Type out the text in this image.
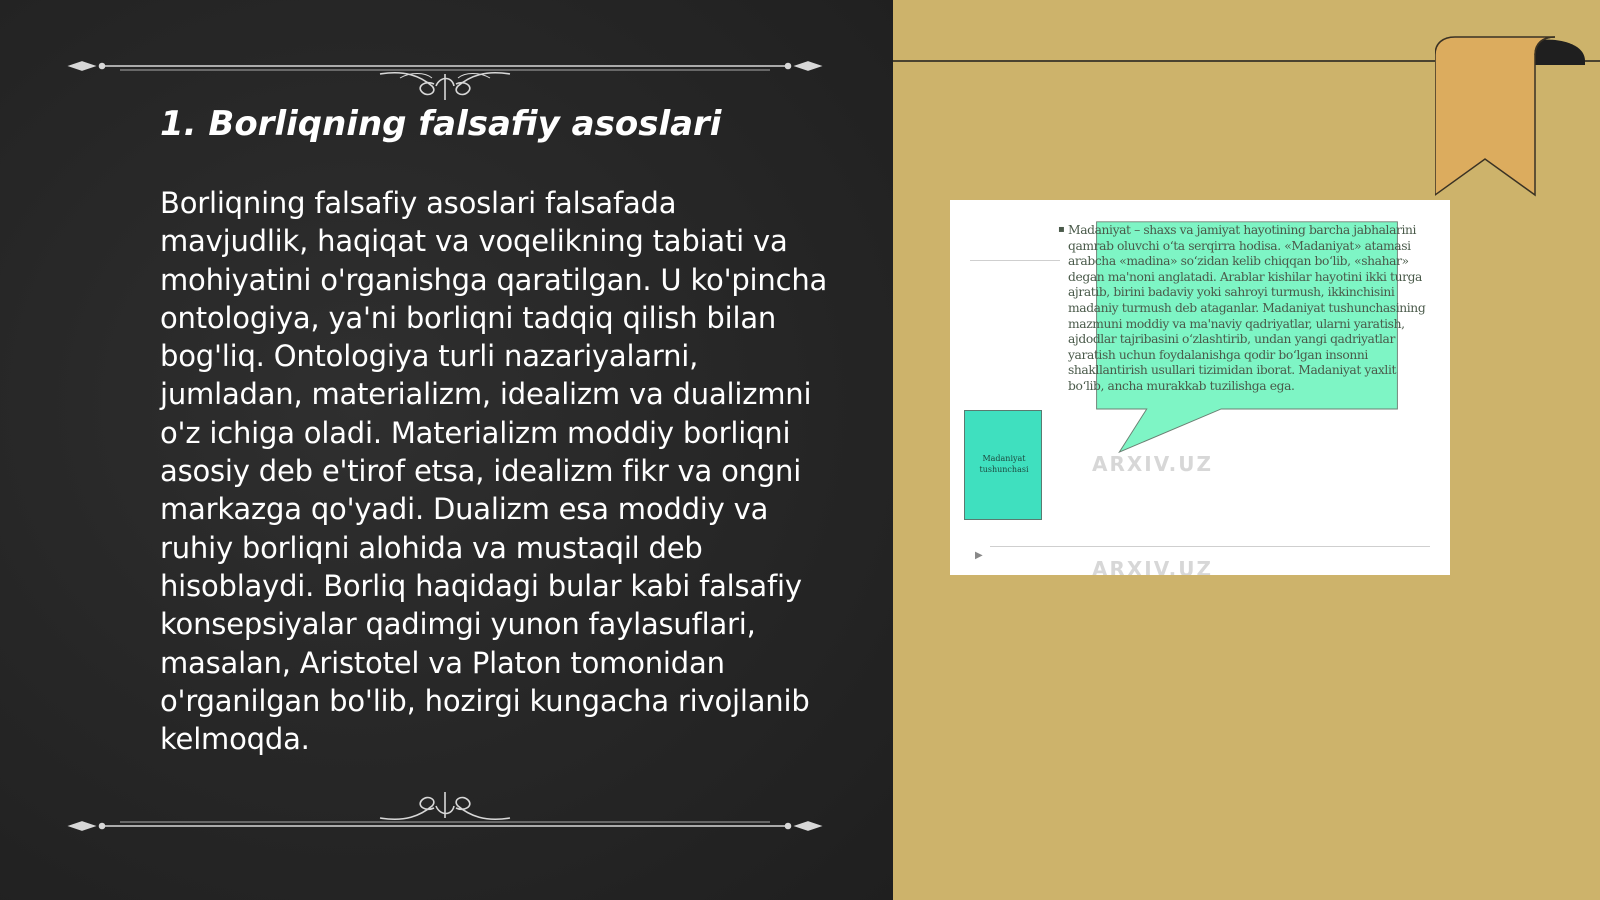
1. Borliqning falsafiy asoslari

Borliqning falsafiy asoslari falsafada mavjudlik, haqiqat va voqelikning tabiati va mohiyatini o'rganishga qaratilgan. U ko'pincha ontologiya, ya'ni borliqni tadqiq qilish bilan bog'liq. Ontologiya turli nazariyalarni, jumladan, materializm, idealizm va dualizmni o'z ichiga oladi. Materializm moddiy borliqni asosiy deb e'tirof etsa, idealizm fikr va ongni markazga qo'yadi. Dualizm esa moddiy va ruhiy borliqni alohida va mustaqil deb hisoblaydi. Borliq haqidagi bular kabi falsafiy konsepsiyalar qadimgi yunon faylasuflari, masalan, Aristotel va Platon tomonidan o'rganilgan bo'lib, hozirgi kungacha rivojlanib kelmoqda.

▪ Madaniyat – shaxs va jamiyat hayotining barcha jabhalarini qamrab oluvchi o‘ta serqirra hodisa. «Madaniyat» atamasi arabcha «madina» so‘zidan kelib chiqqan bo‘lib, «shahar» degan ma'noni anglatadi. Arablar kishilar hayotini ikki turga ajratib, birini badaviy yoki sahroyi turmush, ikkinchisini madaniy turmush deb ataganlar. Madaniyat tushunchasining mazmuni moddiy va ma'naviy qadriyatlar, ularni yaratish, ajdodlar tajribasini o‘zlashtirib, undan yangi qadriyatlar yaratish uchun foydalanishga qodir bo‘lgan insonni shakllantirish usullari tizimidan iborat. Madaniyat yaxlit bo‘lib, ancha murakkab tuzilishga ega.

Madaniyat tushunchasi	ARXIV.UZ
ARXIV.UZ
▶
